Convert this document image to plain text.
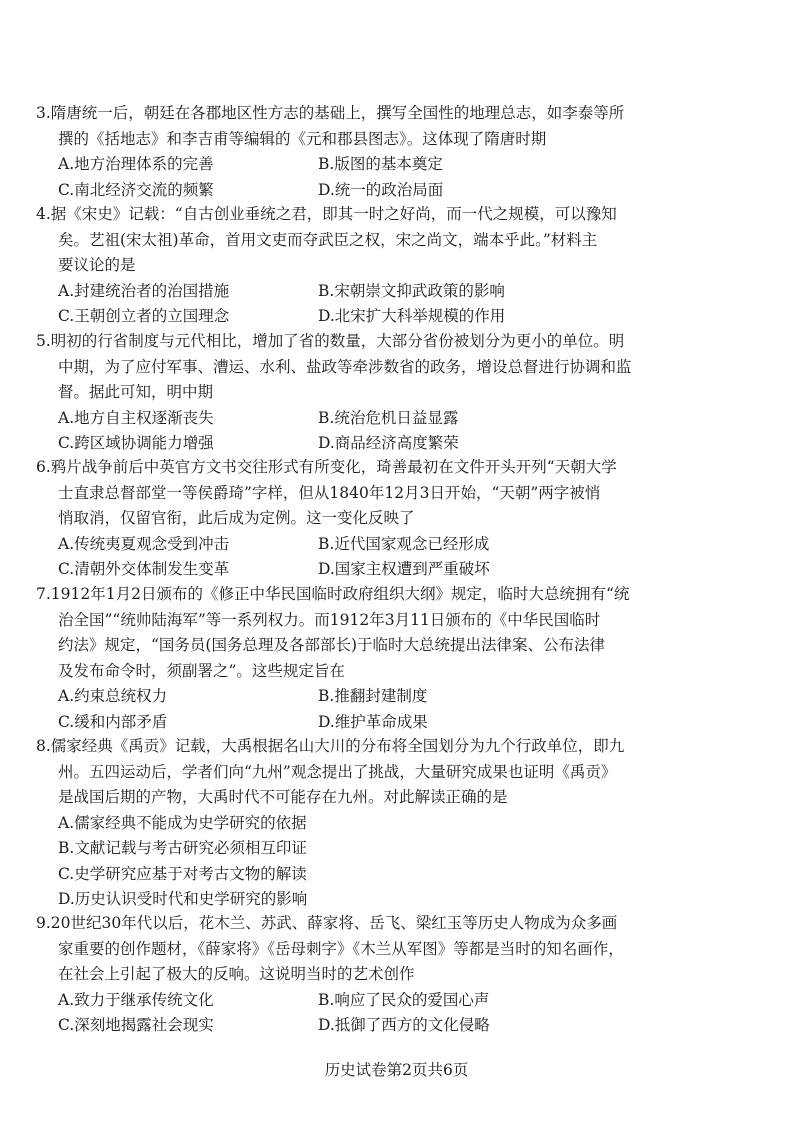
3.隋唐统一后，朝廷在各郡地区性方志的基础上，撰写全国性的地理总志，如李泰等所
撰的《括地志》和李吉甫等编辑的《元和郡县图志》。这体现了隋唐时期
A.地方治理体系的完善	B.版图的基本奠定
C.南北经济交流的频繁	D.统一的政治局面
4.据《宋史》记载：“自古创业垂统之君，即其一时之好尚，而一代之规模，可以豫知
矣。艺祖(宋太祖)革命，首用文吏而夺武臣之权，宋之尚文，端本乎此。”材料主
要议论的是
A.封建统治者的治国措施	B.宋朝崇文抑武政策的影响
C.王朝创立者的立国理念	D.北宋扩大科举规模的作用
5.明初的行省制度与元代相比，增加了省的数量，大部分省份被划分为更小的单位。明
中期，为了应付军事、漕运、水利、盐政等牵涉数省的政务，增设总督进行协调和监
督。据此可知，明中期
A.地方自主权逐渐丧失	B.统治危机日益显露
C.跨区域协调能力增强	D.商品经济高度繁荣
6.鸦片战争前后中英官方文书交往形式有所变化，琦善最初在文件开头开列“天朝大学
士直隶总督部堂一等侯爵琦”字样，但从1840年12月3日开始，“天朝”两字被悄
悄取消，仅留官衔，此后成为定例。这一变化反映了
A.传统夷夏观念受到冲击	B.近代国家观念已经形成
C.清朝外交体制发生变革	D.国家主权遭到严重破坏
7.1912年1月2日颁布的《修正中华民国临时政府组织大纲》规定，临时大总统拥有“统
治全国”“统帅陆海军”等一系列权力。而1912年3月11日颁布的《中华民国临时
约法》规定，“国务员(国务总理及各部部长)于临时大总统提出法律案、公布法律
及发布命令时，须副署之”。这些规定旨在
A.约束总统权力	B.推翻封建制度
C.缓和内部矛盾	D.维护革命成果
8.儒家经典《禹贡》记载，大禹根据名山大川的分布将全国划分为九个行政单位，即九
州。五四运动后，学者们向“九州”观念提出了挑战，大量研究成果也证明《禹贡》
是战国后期的产物，大禹时代不可能存在九州。对此解读正确的是
A.儒家经典不能成为史学研究的依据
B.文献记载与考古研究必须相互印证
C.史学研究应基于对考古文物的解读
D.历史认识受时代和史学研究的影响
9.20世纪30年代以后，花木兰、苏武、薛家将、岳飞、梁红玉等历史人物成为众多画
家重要的创作题材，《薛家将》《岳母刺字》《木兰从军图》等都是当时的知名画作，
在社会上引起了极大的反响。这说明当时的艺术创作
A.致力于继承传统文化	B.响应了民众的爱国心声
C.深刻地揭露社会现实	D.抵御了西方的文化侵略
历史试卷第2页共6页
